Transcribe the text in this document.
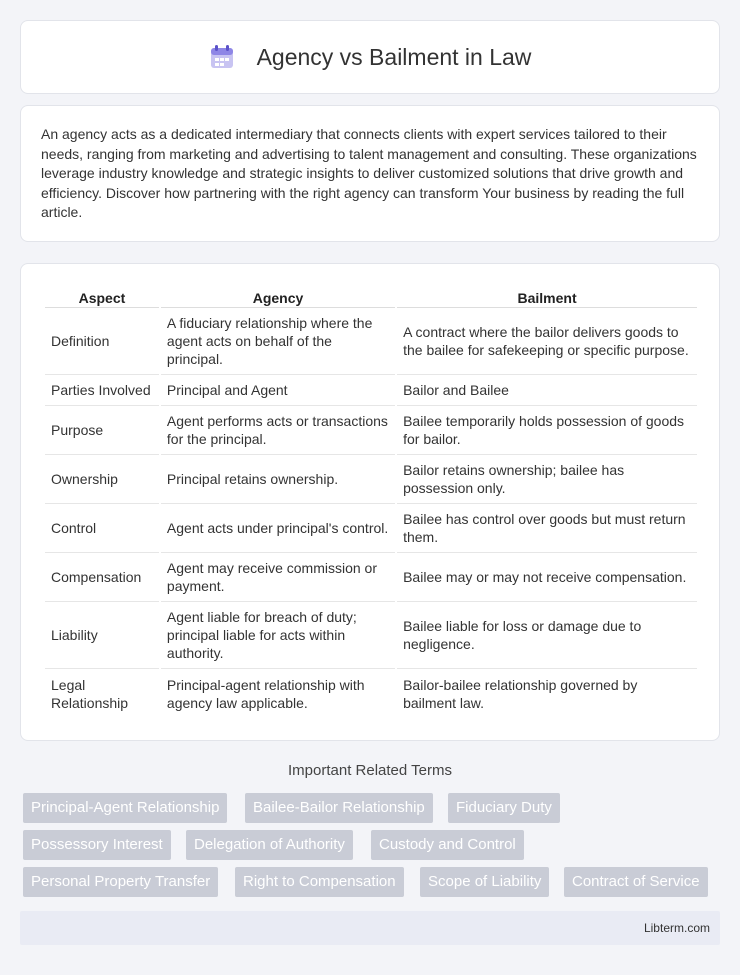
Agency vs Bailment in Law

An agency acts as a dedicated intermediary that connects clients with expert services tailored to their needs, ranging from marketing and advertising to talent management and consulting. These organizations leverage industry knowledge and strategic insights to deliver customized solutions that drive growth and efficiency. Discover how partnering with the right agency can transform Your business by reading the full article.

Aspect	Agency	Bailment
Definition	A fiduciary relationship where the agent acts on behalf of the principal.	A contract where the bailor delivers goods to the bailee for safekeeping or specific purpose.
Parties Involved	Principal and Agent	Bailor and Bailee
Purpose	Agent performs acts or transactions for the principal.	Bailee temporarily holds possession of goods for bailor.
Ownership	Principal retains ownership.	Bailor retains ownership; bailee has possession only.
Control	Agent acts under principal's control.	Bailee has control over goods but must return them.
Compensation	Agent may receive commission or payment.	Bailee may or may not receive compensation.
Liability	Agent liable for breach of duty; principal liable for acts within authority.	Bailee liable for loss or damage due to negligence.
Legal Relationship	Principal-agent relationship with agency law applicable.	Bailor-bailee relationship governed by bailment law.
Important Related Terms
Principal-Agent Relationship	Bailee-Bailor Relationship	Fiduciary Duty
Possessory Interest	Delegation of Authority	Custody and Control
Personal Property Transfer	Right to Compensation	Scope of Liability	Contract of Service
Libterm.com
